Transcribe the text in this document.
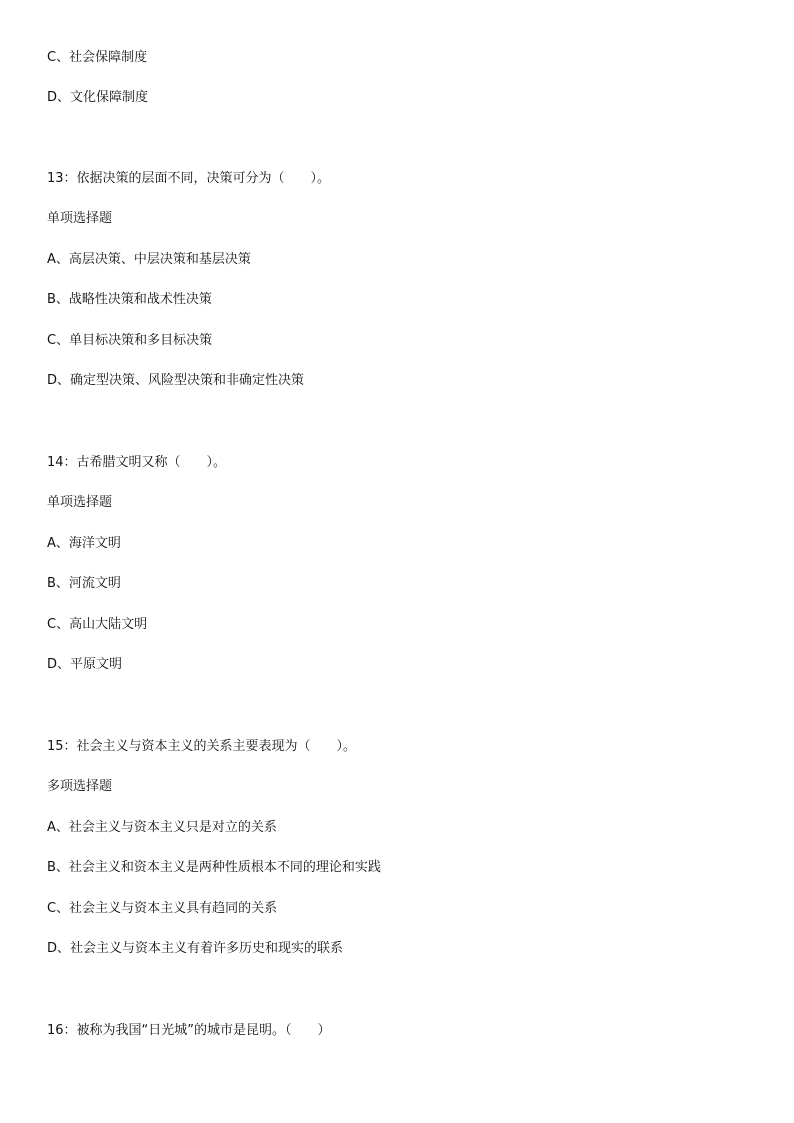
C、社会保障制度
D、文化保障制度
13：依据决策的层面不同，决策可分为（　　）。
单项选择题
A、高层决策、中层决策和基层决策
B、战略性决策和战术性决策
C、单目标决策和多目标决策
D、确定型决策、风险型决策和非确定性决策
14：古希腊文明又称（　　）。
单项选择题
A、海洋文明
B、河流文明
C、高山大陆文明
D、平原文明
15：社会主义与资本主义的关系主要表现为（　　）。
多项选择题
A、社会主义与资本主义只是对立的关系
B、社会主义和资本主义是两种性质根本不同的理论和实践
C、社会主义与资本主义具有趋同的关系
D、社会主义与资本主义有着许多历史和现实的联系
16：被称为我国“日光城”的城市是昆明。（　　）
